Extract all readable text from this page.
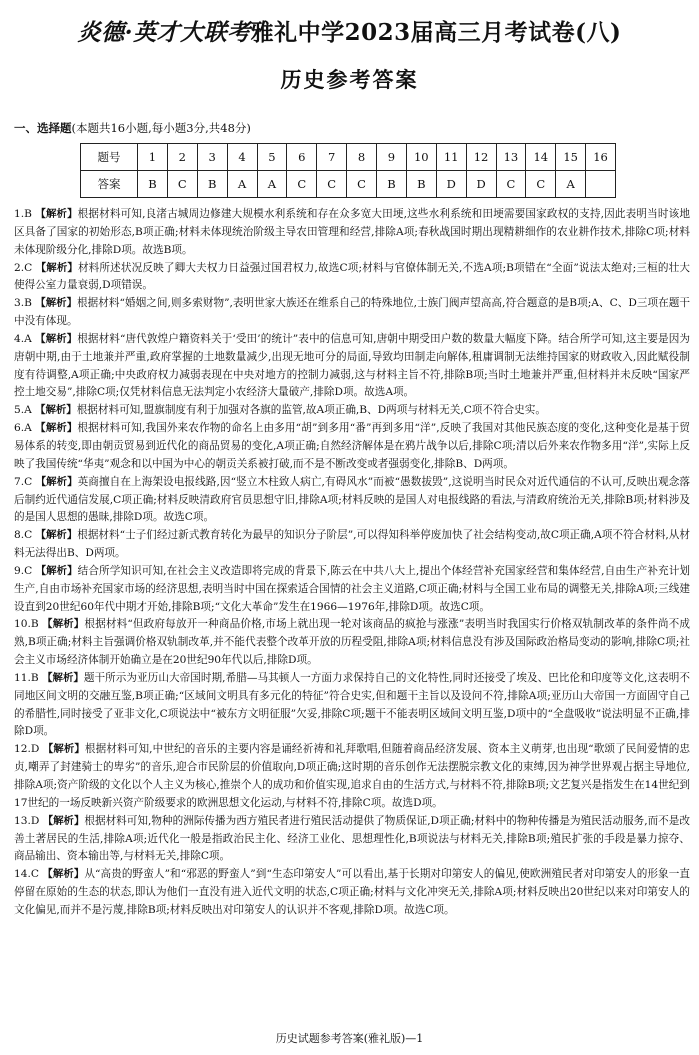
炎德·英才大联考雅礼中学2023届高三月考试卷(八)
历史参考答案
一、选择题(本题共16小题,每小题3分,共48分)
题号	1	2	3	4	5	6	7	8	9	10	11	12	13	14	15	16
答案	B	C	B	A	A	C	C	C	B	B	D	D	C	C	A	

1.B 【解析】根据材料可知,良渚古城周边修建大规模水利系统和存在众多宽大田埂,这些水利系统和田埂需要国家政权的支持,因此表明当时该地区具备了国家的初始形态,B项正确;材料未体现统治阶级主导农田管理和经营,排除A项;春秋战国时期出现精耕细作的农业耕作技术,排除C项;材料未体现阶级分化,排除D项。故选B项。

2.C 【解析】材料所述状况反映了卿大夫权力日益强过国君权力,故选C项;材料与官僚体制无关,不选A项;B项错在“全面”说法太绝对;三桓的壮大使得公室力量衰弱,D项错误。

3.B 【解析】根据材料“婚姻之间,则多索财物”,表明世家大族还在维系自己的特殊地位,士族门阀声望高高,符合题意的是B项;A、C、D三项在题干中没有体现。

4.A 【解析】根据材料“唐代敦煌户籍资料关于‘受田’的统计”表中的信息可知,唐朝中期受田户数的数量大幅度下降。结合所学可知,这主要是因为唐朝中期,由于土地兼并严重,政府掌握的土地数量减少,出现无地可分的局面,导致均田制走向解体,租庸调制无法维持国家的财政收入,因此赋役制度有待调整,A项正确;中央政府权力减弱表现在中央对地方的控制力减弱,这与材料主旨不符,排除B项;当时土地兼并严重,但材料并未反映“国家严控土地交易”,排除C项;仅凭材料信息无法判定小农经济大量破产,排除D项。故选A项。

5.A 【解析】根据材料可知,盟旗制度有利于加强对各旗的监管,故A项正确,B、D两项与材料无关,C项不符合史实。

6.A 【解析】根据材料可知,我国外来农作物的命名上由多用“胡”到多用“番”再到多用“洋”,反映了我国对其他民族态度的变化,这种变化是基于贸易体系的转变,即由朝贡贸易到近代化的商品贸易的变化,A项正确;自然经济解体是在鸦片战争以后,排除C项;清以后外来农作物多用“洋”,实际上反映了我国传统“华夷”观念和以中国为中心的朝贡关系被打破,而不是不断改变或者强弱变化,排除B、D两项。

7.C 【解析】英商擅自在上海架设电报线路,因“竖立木柱致人病亡,有碍风水”而被“愚数拔毁”,这说明当时民众对近代通信的不认可,反映出观念落后制约近代通信发展,C项正确;材料反映清政府官员思想守旧,排除A项;材料反映的是国人对电报线路的看法,与清政府统治无关,排除B项;材料涉及的是国人思想的愚昧,排除D项。故选C项。

8.C 【解析】根据材料“士子们经过新式教育转化为最早的知识分子阶层”,可以得知科举停废加快了社会结构变动,故C项正确,A项不符合材料,从材料无法得出B、D两项。

9.C 【解析】结合所学知识可知,在社会主义改造即将完成的背景下,陈云在中共八大上,提出个体经营补充国家经营和集体经营,自由生产补充计划生产,自由市场补充国家市场的经济思想,表明当时中国在探索适合国情的社会主义道路,C项正确;材料与全国工业布局的调整无关,排除A项;三线建设直到20世纪60年代中期才开始,排除B项;“文化大革命”发生在1966—1976年,排除D项。故选C项。

10.B 【解析】根据材料“但政府每放开一种商品价格,市场上就出现一轮对该商品的疯抢与涨涨”表明当时我国实行价格双轨制改革的条件尚不成熟,B项正确;材料主旨强调价格双轨制改革,并不能代表整个改革开放的历程受阻,排除A项;材料信息没有涉及国际政治格局变动的影响,排除C项;社会主义市场经济体制开始确立是在20世纪90年代以后,排除D项。

11.B 【解析】题干所示为亚历山大帝国时期,希腊—马其顿人一方面力求保持自己的文化特性,同时还接受了埃及、巴比伦和印度等文化,这表明不同地区间文明的交融互鉴,B项正确;“区域间文明具有多元化的特征”符合史实,但和题干主旨以及设问不符,排除A项;亚历山大帝国一方面固守自己的希腊性,同时接受了亚非文化,C项说法中“被东方文明征服”欠妥,排除C项;题干不能表明区域间文明互鉴,D项中的“全盘吸收”说法明显不正确,排除D项。

12.D 【解析】根据材料可知,中世纪的音乐的主要内容是诵经祈祷和礼拜歌唱,但随着商品经济发展、资本主义萌芽,也出现“歌颂了民间爱情的忠贞,嘲弄了封建骑士的卑劣”的音乐,迎合市民阶层的价值取向,D项正确;这时期的音乐创作无法摆脱宗教文化的束缚,因为神学世界观占据主导地位,排除A项;资产阶级的文化以个人主义为核心,推崇个人的成功和价值实现,追求自由的生活方式,与材料不符,排除B项;文艺复兴是指发生在14世纪到17世纪的一场反映新兴资产阶级要求的欧洲思想文化运动,与材料不符,排除C项。故选D项。

13.D 【解析】根据材料可知,物种的洲际传播为西方殖民者进行殖民活动提供了物质保证,D项正确;材料中的物种传播是为殖民活动服务,而不是改善土著居民的生活,排除A项;近代化一般是指政治民主化、经济工业化、思想理性化,B项说法与材料无关,排除B项;殖民扩张的手段是暴力掠夺、商品输出、资本输出等,与材料无关,排除C项。

14.C 【解析】从“高贵的野蛮人”和“邪恶的野蛮人”到“生态印第安人”可以看出,基于长期对印第安人的偏见,使欧洲殖民者对印第安人的形象一直停留在原始的生态的状态,即认为他们一直没有进入近代文明的状态,C项正确;材料与文化冲突无关,排除A项;材料反映出20世纪以来对印第安人的文化偏见,而并不是污蔑,排除B项;材料反映出对印第安人的认识并不客观,排除D项。故选C项。

历史试题参考答案(雅礼版)—1
